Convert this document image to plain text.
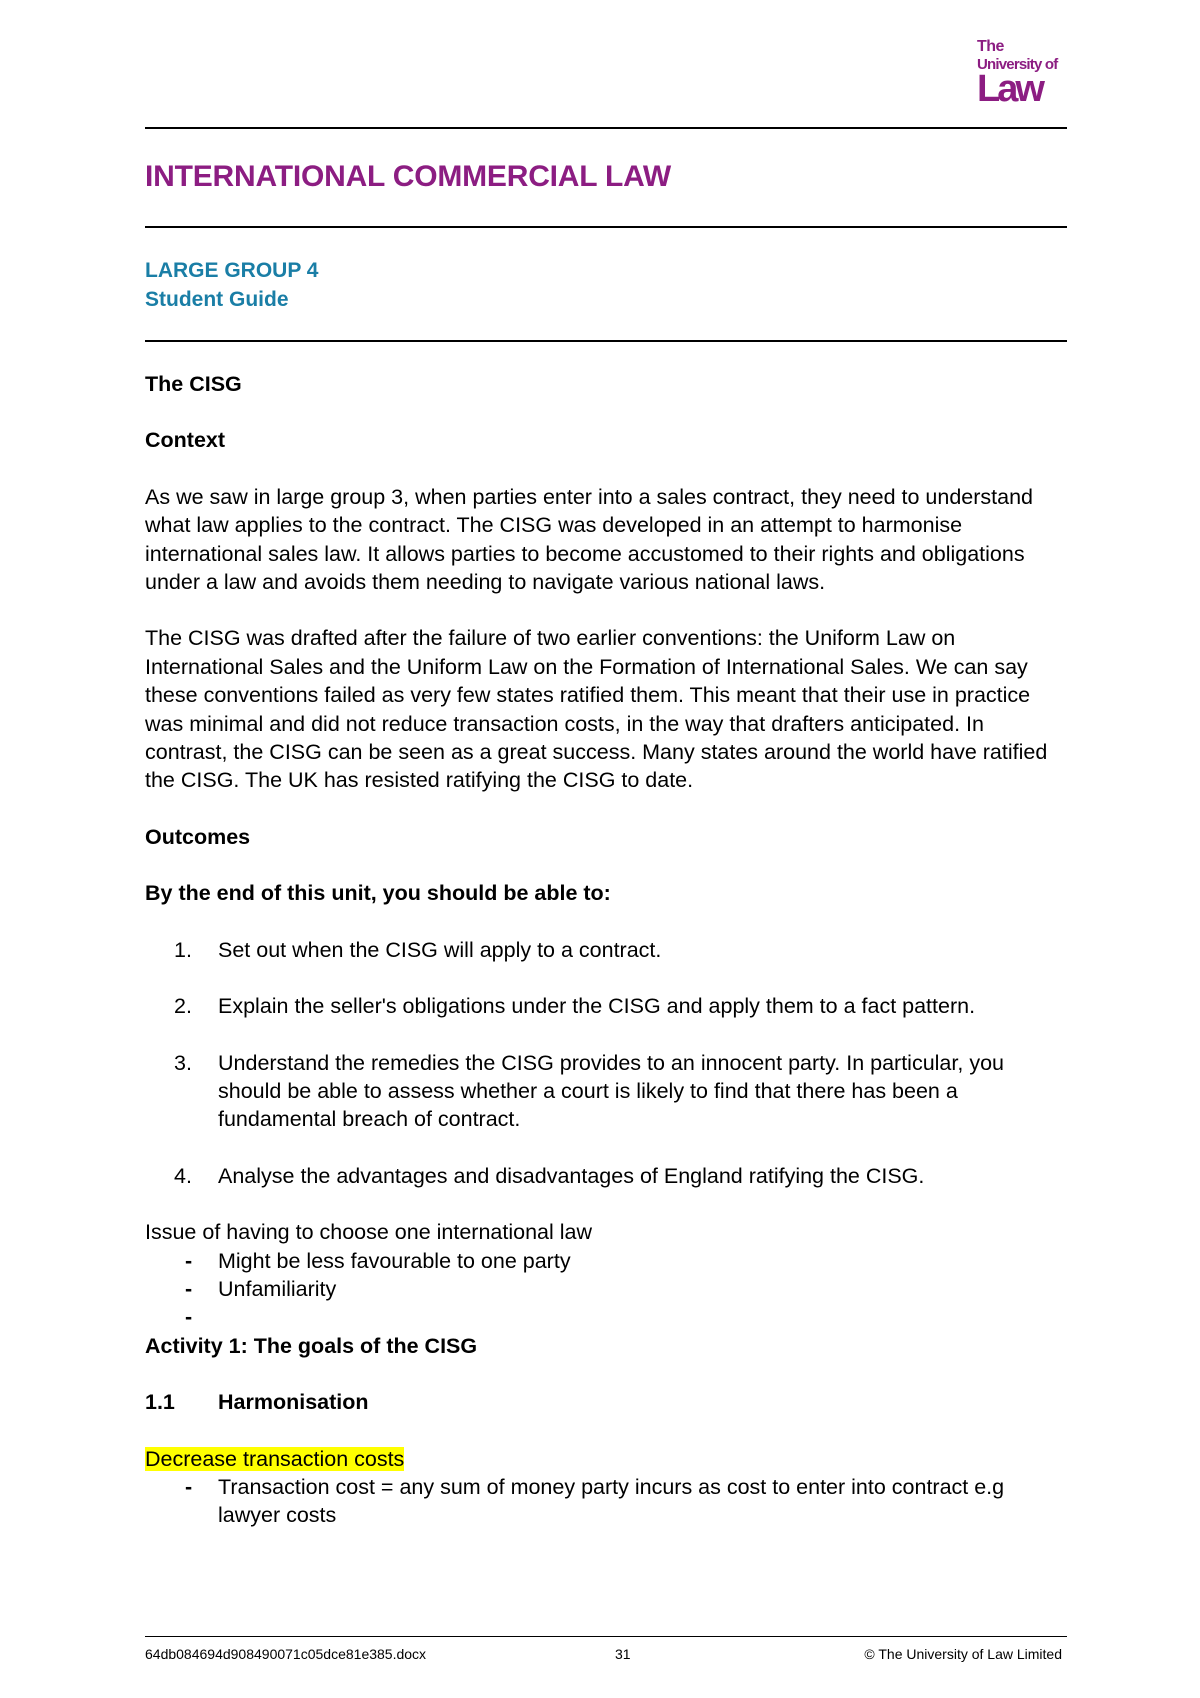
The
University of
Law
INTERNATIONAL COMMERCIAL LAW
LARGE GROUP 4
Student Guide

The CISG

Context

As we saw in large group 3, when parties enter into a sales contract, they need to understand what law applies to the contract. The CISG was developed in an attempt to harmonise international sales law. It allows parties to become accustomed to their rights and obligations under a law and avoids them needing to navigate various national laws.

The CISG was drafted after the failure of two earlier conventions: the Uniform Law on International Sales and the Uniform Law on the Formation of International Sales. We can say these conventions failed as very few states ratified them. This meant that their use in practice was minimal and did not reduce transaction costs, in the way that drafters anticipated. In contrast, the CISG can be seen as a great success. Many states around the world have ratified the CISG. The UK has resisted ratifying the CISG to date.

Outcomes

By the end of this unit, you should be able to:

1.	Set out when the CISG will apply to a contract.
2.	Explain the seller's obligations under the CISG and apply them to a fact pattern.
3.	Understand the remedies the CISG provides to an innocent party. In particular, you should be able to assess whether a court is likely to find that there has been a fundamental breach of contract.
4.	Analyse the advantages and disadvantages of England ratifying the CISG.

Issue of having to choose one international law

-	Might be less favourable to one party
-	Unfamiliarity
-

Activity 1: The goals of the CISG

1.1	Harmonisation

Decrease transaction costs

-	Transaction cost = any sum of money party incurs as cost to enter into contract e.g lawyer costs
64db084694d908490071c05dce81e385.docx	31	© The University of Law Limited
